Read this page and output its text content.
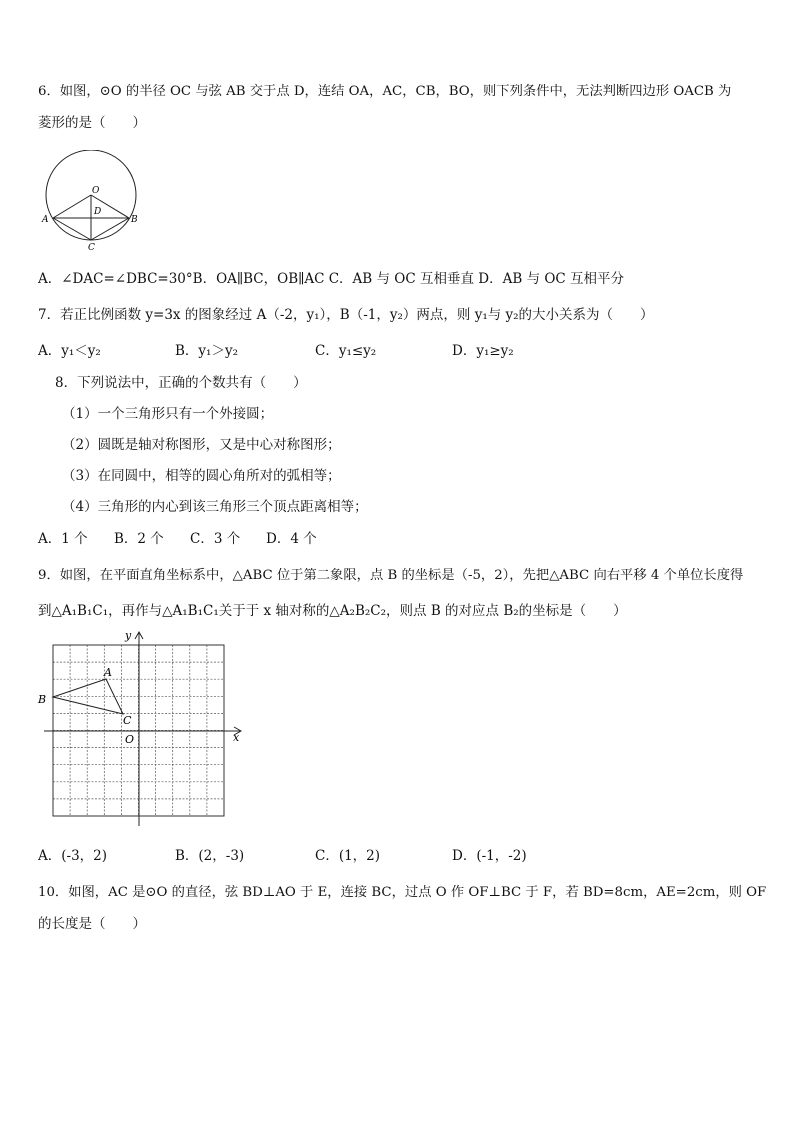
6．如图，⊙O 的半径 OC 与弦 AB 交于点 D，连结 OA，AC，CB，BO，则下列条件中，无法判断四边形 OACB 为
菱形的是（　　）
O
D
A	B
C
A．∠DAC=∠DBC=30°B．OA∥BC，OB∥AC C．AB 与 OC 互相垂直 D．AB 与 OC 互相平分
7．若正比例函数 y=3x 的图象经过 A（-2，y₁），B（-1，y₂）两点，则 y₁与 y₂的大小关系为（　　）
A．y₁＜y₂	B．y₁＞y₂	C．y₁≤y₂	D．y₁≥y₂
8．下列说法中，正确的个数共有（　　）
（1）一个三角形只有一个外接圆；
（2）圆既是轴对称图形，又是中心对称图形；
（3）在同圆中，相等的圆心角所对的弧相等；
（4）三角形的内心到该三角形三个顶点距离相等；
A．1 个 B．2 个 C．3 个 D．4 个
9．如图，在平面直角坐标系中，△ABC 位于第二象限，点 B 的坐标是（-5，2），先把△ABC 向右平移 4 个单位长度得
到△A₁B₁C₁，再作与△A₁B₁C₁关于于 x 轴对称的△A₂B₂C₂，则点 B 的对应点 B₂的坐标是（　　）
y
x
O
A
B
C
A．(-3，2)	B．(2，-3)	C．(1，2)	D．(-1，-2)
10．如图，AC 是⊙O 的直径，弦 BD⊥AO 于 E，连接 BC，过点 O 作 OF⊥BC 于 F，若 BD=8cm，AE=2cm，则 OF
的长度是（　　）
